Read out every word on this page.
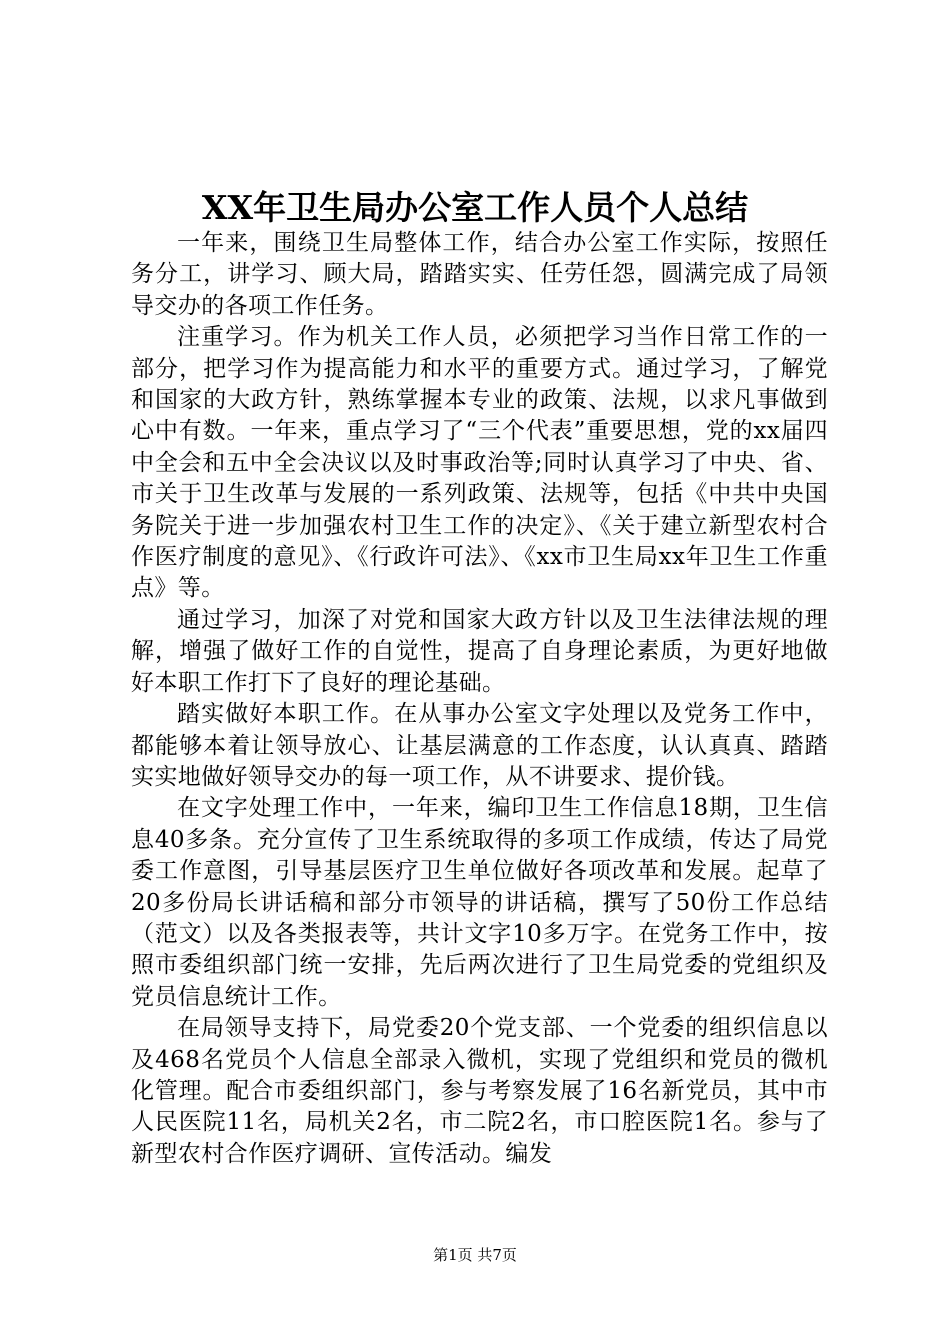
XX年卫生局办公室工作人员个人总结

一年来，围绕卫生局整体工作，结合办公室工作实际，按照任务分工，讲学习、顾大局，踏踏实实、任劳任怨，圆满完成了局领导交办的各项工作任务。

注重学习。作为机关工作人员，必须把学习当作日常工作的一部分，把学习作为提高能力和水平的重要方式。通过学习，了解党和国家的大政方针，熟练掌握本专业的政策、法规，以求凡事做到心中有数。一年来，重点学习了“三个代表”重要思想，党的xx届四中全会和五中全会决议以及时事政治等;同时认真学习了中央、省、市关于卫生改革与发展的一系列政策、法规等，包括《中共中央国务院关于进一步加强农村卫生工作的决定》、《关于建立新型农村合作医疗制度的意见》、《行政许可法》、《xx市卫生局xx年卫生工作重点》等。

通过学习，加深了对党和国家大政方针以及卫生法律法规的理解，增强了做好工作的自觉性，提高了自身理论素质，为更好地做好本职工作打下了良好的理论基础。

踏实做好本职工作。在从事办公室文字处理以及党务工作中，都能够本着让领导放心、让基层满意的工作态度，认认真真、踏踏实实地做好领导交办的每一项工作，从不讲要求、提价钱。

在文字处理工作中，一年来，编印卫生工作信息18期，卫生信息40多条。充分宣传了卫生系统取得的多项工作成绩，传达了局党委工作意图，引导基层医疗卫生单位做好各项改革和发展。起草了20多份局长讲话稿和部分市领导的讲话稿，撰写了50份工作总结（范文）以及各类报表等，共计文字10多万字。在党务工作中，按照市委组织部门统一安排，先后两次进行了卫生局党委的党组织及党员信息统计工作。

在局领导支持下，局党委20个党支部、一个党委的组织信息以及468名党员个人信息全部录入微机，实现了党组织和党员的微机化管理。配合市委组织部门，参与考察发展了16名新党员，其中市人民医院11名，局机关2名，市二院2名，市口腔医院1名。参与了新型农村合作医疗调研、宣传活动。编发

第1页 共7页
